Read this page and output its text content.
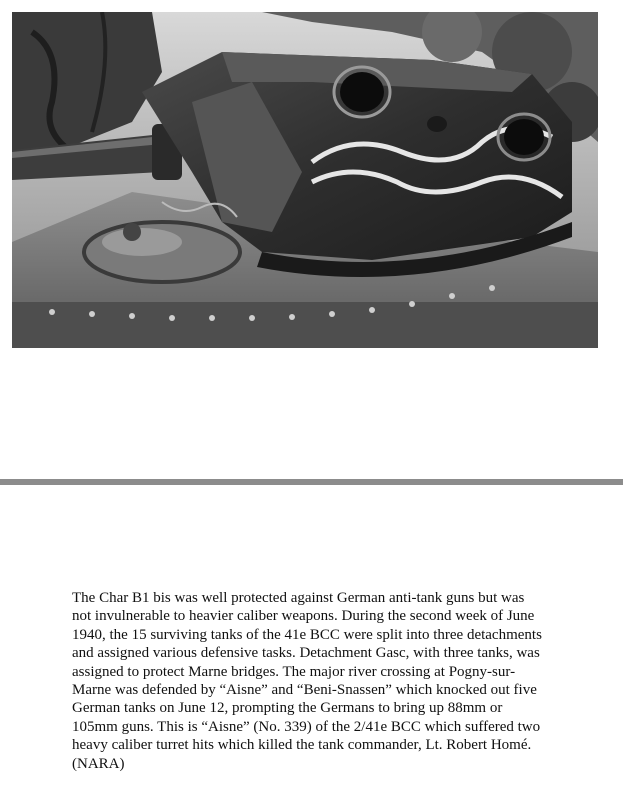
The Char B1 bis was well protected against German anti-tank guns but was not invulnerable to heavier caliber weapons. During the second week of June 1940, the 15 surviving tanks of the 41e BCC were split into three detachments and assigned various defensive tasks. Detachment Gasc, with three tanks, was assigned to protect Marne bridges. The major river crossing at Pogny-sur-Marne was defended by “Aisne” and “Beni-Snassen” which knocked out five German tanks on June 12, prompting the Germans to bring up 88mm or 105mm guns. This is “Aisne” (No. 339) of the 2/41e BCC which suffered two heavy caliber turret hits which killed the tank commander, Lt. Robert Homé. (NARA)
